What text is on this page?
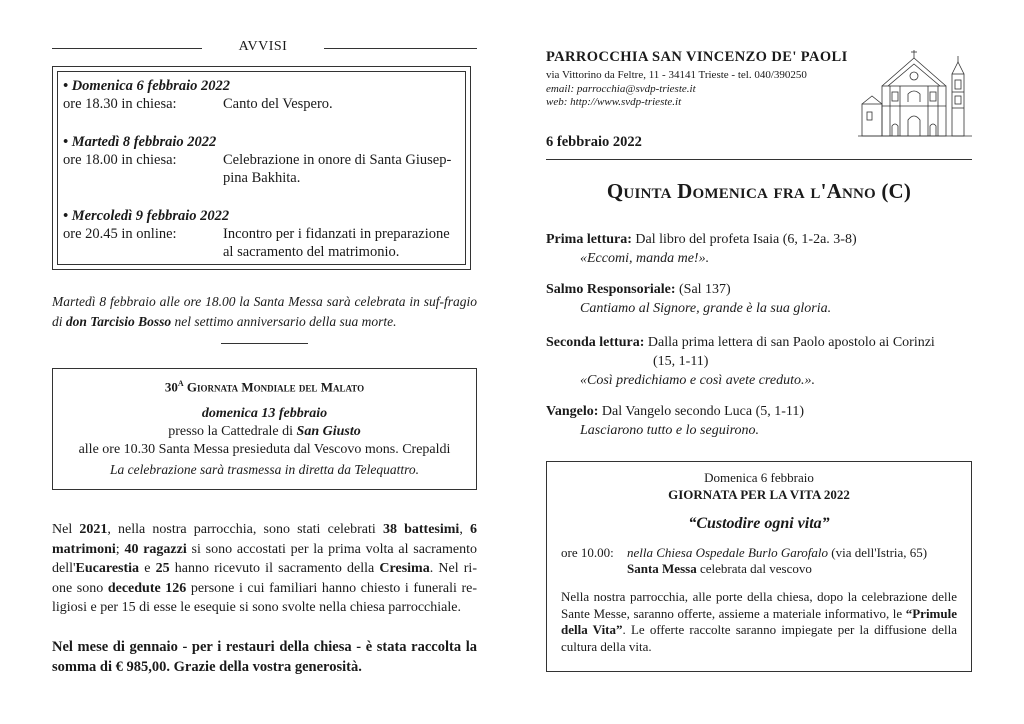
AVVISI
• Domenica 6 febbraio 2022
ore 18.30 in chiesa:	Canto del Vespero.
• Martedì 8 febbraio 2022
ore 18.00 in chiesa:	Celebrazione in onore di Santa Giusep-pina Bakhita.
• Mercoledì 9 febbraio 2022
ore 20.45 in online:	Incontro per i fidanzati in preparazione al sacramento del matrimonio.
Martedì 8 febbraio alle ore 18.00 la Santa Messa sarà celebrata in suf-fragio di don Tarcisio Bosso nel settimo anniversario della sua morte.
$30^A$ Giornata Mondiale del Malato
domenica 13 febbraio
presso la Cattedrale di San Giusto
alle ore 10.30 Santa Messa presieduta dal Vescovo mons. Crepaldi
La celebrazione sarà trasmessa in diretta da Telequattro.
Nel 2021, nella nostra parrocchia, sono stati celebrati 38 battesimi, 6 matrimoni; 40 ragazzi si sono accostati per la prima volta al sacramento dell'Eucarestia e 25 hanno ricevuto il sacramento della Cresima. Nel ri-one sono decedute 126 persone i cui familiari hanno chiesto i funerali re-ligiosi e per 15 di esse le esequie si sono svolte nella chiesa parrocchiale.
Nel mese di gennaio - per i restauri della chiesa - è stata raccolta la somma di € 985,00. Grazie della vostra generosità.
PARROCCHIA SAN VINCENZO DE' PAOLI
via Vittorino da Feltre, 11 - 34141 Trieste - tel. 040/390250
email: parrocchia@svdp-trieste.it
web: http://www.svdp-trieste.it
6 febbraio 2022
Quinta Domenica fra l'Anno (C)
Prima lettura: Dal libro del profeta Isaia (6, 1-2a. 3-8)
«Eccomi, manda me!».
Salmo Responsoriale: (Sal 137)
Cantiamo al Signore, grande è la sua gloria.
Seconda lettura: Dalla prima lettera di san Paolo apostolo ai Corinzi
(15, 1-11)
«Così predichiamo e così avete creduto.».
Vangelo: Dal Vangelo secondo Luca (5, 1-11)
Lasciarono tutto e lo seguirono.
Domenica 6 febbraio
GIORNATA PER LA VITA 2022
“Custodire ogni vita”
ore 10.00:	nella Chiesa Ospedale Burlo Garofalo (via dell'Istria, 65)
Santa Messa celebrata dal vescovo
Nella nostra parrocchia, alle porte della chiesa, dopo la celebrazione delle Sante Messe, saranno offerte, assieme a materiale informativo, le “Primule della Vita”. Le offerte raccolte saranno impiegate per la diffusione della cultura della vita.
